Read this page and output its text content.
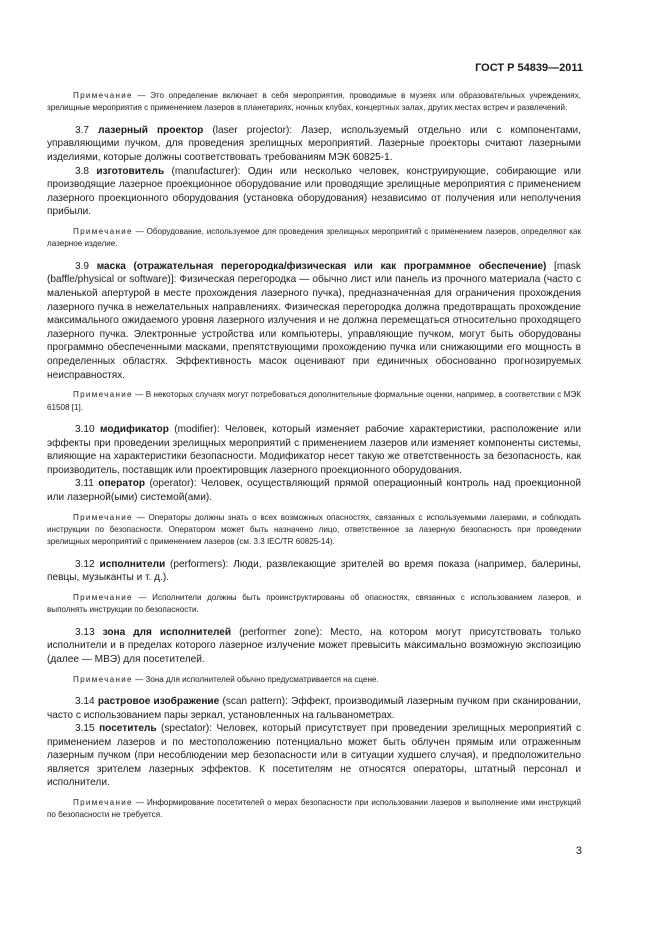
ГОСТ Р 54839—2011

Примечание — Это определение включает в себя мероприятия, проводимые в музеях или образовательных учреждениях, зрелищные мероприятия с применением лазеров в планетариях, ночных клубах, концертных залах, других местах встреч и развлечений.

3.7 лазерный проектор (laser projector): Лазер, используемый отдельно или с компонентами, управляющими пучком, для проведения зрелищных мероприятий. Лазерные проекторы считают лазерными изделиями, которые должны соответствовать требованиям МЭК 60825-1.

3.8 изготовитель (manufacturer): Один или несколько человек, конструирующие, собирающие или производящие лазерное проекционное оборудование или проводящие зрелищные мероприятия с применением лазерного проекционного оборудования (установка оборудования) независимо от получения или неполучения прибыли.

Примечание — Оборудование, используемое для проведения зрелищных мероприятий с применением лазеров, определяют как лазерное изделие.

3.9 маска (отражательная перегородка/физическая или как программное обеспечение) [mask (baffle/physical or software)]: Физическая перегородка — обычно лист или панель из прочного материала (часто с маленькой апертурой в месте прохождения лазерного пучка), предназначенная для ограничения прохождения лазерного пучка в нежелательных направлениях. Физическая перегородка должна предотвращать прохождение максимального ожидаемого уровня лазерного излучения и не должна перемещаться относительно проходящего лазерного пучка. Электронные устройства или компьютеры, управляющие пучком, могут быть оборудованы программно обеспеченными масками, препятствующими прохождению пучка или снижающими его мощность в определенных областях. Эффективность масок оценивают при единичных обоснованно прогнозируемых неисправностях.

Примечание — В некоторых случаях могут потребоваться дополнительные формальные оценки, например, в соответствии с МЭК 61508 [1].

3.10 модификатор (modifier): Человек, который изменяет рабочие характеристики, расположение или эффекты при проведении зрелищных мероприятий с применением лазеров или изменяет компоненты системы, влияющие на характеристики безопасности. Модификатор несет такую же ответственность за безопасность, как производитель, поставщик или проектировщик лазерного проекционного оборудования.

3.11 оператор (operator): Человек, осуществляющий прямой операционный контроль над проекционной или лазерной(ыми) системой(ами).

Примечание — Операторы должны знать о всех возможных опасностях, связанных с используемыми лазерами, и соблюдать инструкции по безопасности. Оператором может быть назначено лицо, ответственное за лазерную безопасность при проведении зрелищных мероприятий с применением лазеров (см. 3.3 IEC/TR 60825-14).

3.12 исполнители (performers): Люди, развлекающие зрителей во время показа (например, балерины, певцы, музыканты и т. д.).

Примечание — Исполнители должны быть проинструктированы об опасностях, связанных с использованием лазеров, и выполнять инструкции по безопасности.

3.13 зона для исполнителей (performer zone): Место, на котором могут присутствовать только исполнители и в пределах которого лазерное излучение может превысить максимально возможную экспозицию (далее — МВЭ) для посетителей.

Примечание — Зона для исполнителей обычно предусматривается на сцене.

3.14 растровое изображение (scan pattern): Эффект, производимый лазерным пучком при сканировании, часто с использованием пары зеркал, установленных на гальванометрах.

3.15 посетитель (spectator): Человек, который присутствует при проведении зрелищных мероприятий с применением лазеров и по местоположению потенциально может быть облучен прямым или отраженным лазерным пучком (при несоблюдении мер безопасности или в ситуации худшего случая), и предположительно является зрителем лазерных эффектов. К посетителям не относятся операторы, штатный персонал и исполнители.

Примечание — Информирование посетителей о мерах безопасности при использовании лазеров и выполнение ими инструкций по безопасности не требуется.

3
